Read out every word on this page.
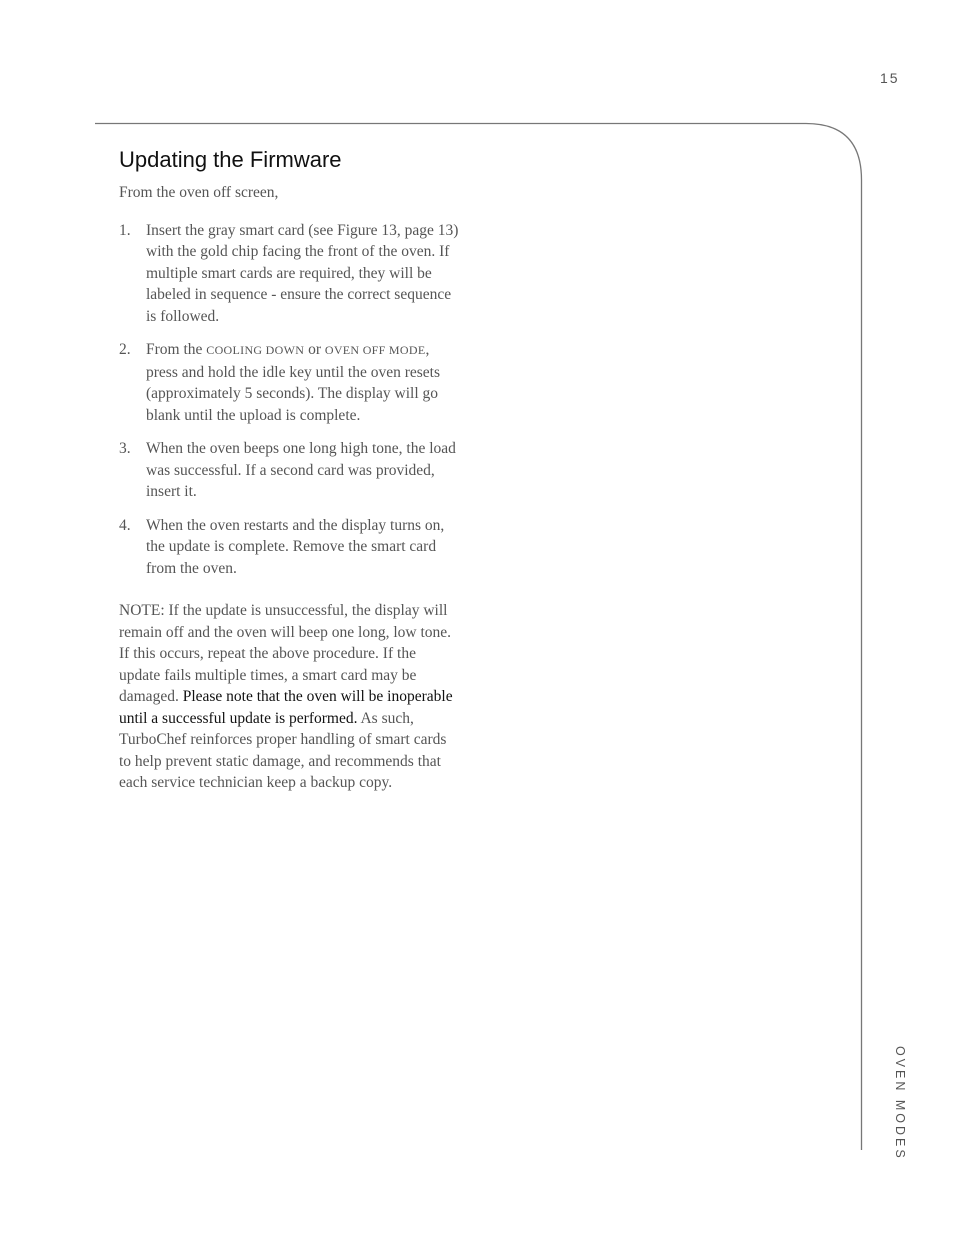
15
Updating the Firmware

From the oven off screen,

1. Insert the gray smart card (see Figure 13, page 13) with the gold chip facing the front of the oven. If multiple smart cards are required, they will be labeled in sequence - ensure the correct sequence is followed.
2. From the COOLING DOWN or OVEN OFF MODE, press and hold the idle key until the oven resets (approximately 5 seconds). The display will go blank until the upload is complete.
3. When the oven beeps one long high tone, the load was successful. If a second card was provided, insert it.
4. When the oven restarts and the display turns on, the update is complete. Remove the smart card from the oven.

NOTE: If the update is unsuccessful, the display will remain off and the oven will beep one long, low tone. If this occurs, repeat the above procedure. If the update fails multiple times, a smart card may be damaged. Please note that the oven will be inoperable until a successful update is performed. As such, TurboChef reinforces proper handling of smart cards to help prevent static damage, and recommends that each service technician keep a backup copy.

OVEN MODES
